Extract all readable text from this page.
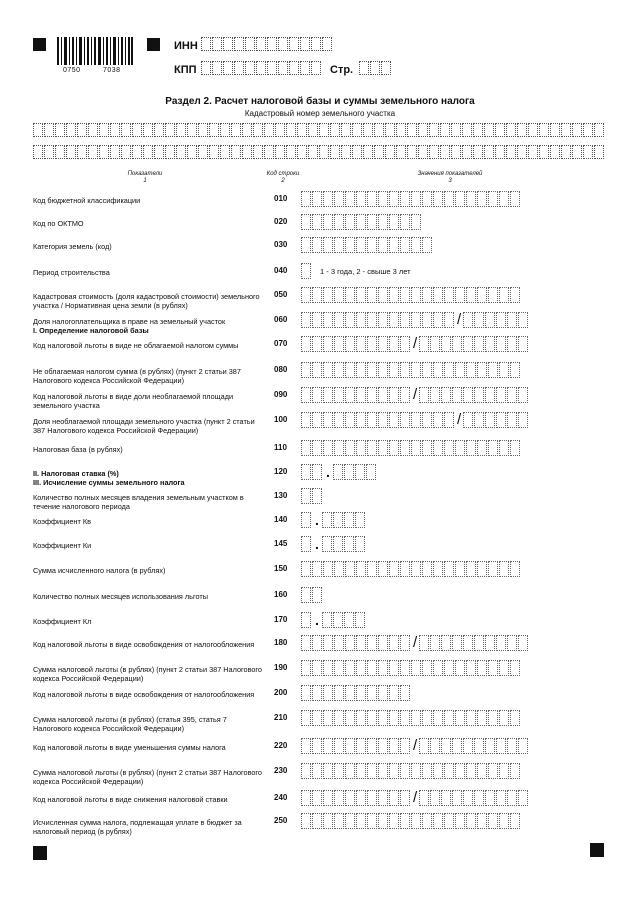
0750	7038
ИНН
КПП	Стр.
Раздел 2. Расчет налоговой базы и суммы земельного налога
Кадастровый номер земельного участка
Показатели
1
Код строки
2
Значения показателей
3
Код бюджетной классификации	010
Код по ОКТМО	020
Категория земель (код)	030
Период строительства	040	1 - 3 года, 2 - свыше 3 лет
Кадастровая стоимость (доля кадастровой стоимости) земельного участка / Нормативная цена земли (в рублях)
050
Доля налогоплательщика в праве на земельный участок	060	/
I. Определение налоговой базы
Код налоговой льготы в виде не облагаемой налогом суммы	070	/
Не облагаемая налогом сумма (в рублях) (пункт 2 статьи 387 Налогового кодекса Российской Федерации)
080
Код налоговой льготы в виде доли необлагаемой площади земельного участка
090	/
Доля необлагаемой площади земельного участка (пункт 2 статьи 387 Налогового кодекса Российской Федерации)
100	/
Налоговая база (в рублях)	110
II. Налоговая ставка (%)	120	.
III. Исчисление суммы земельного налога
Количество полных месяцев владения земельным участком в течение налогового периода
130
Коэффициент Кв	140 .
Коэффициент Ки	145 .
Сумма исчисленного налога (в рублях)	150
Количество полных месяцев использования льготы	160
Коэффициент Кл	170 .
Код налоговой льготы в виде освобождения от налогообложения	180	/
Сумма налоговой льготы (в рублях) (пункт 2 статьи 387 Налогового кодекса Российской Федерации)
190
Код налоговой льготы в виде освобождения от налогообложения	200
Сумма налоговой льготы (в рублях) (статья 395, статья 7 Налогового кодекса Российской Федерации)
210
Код налоговой льготы в виде уменьшения суммы налога	220	/
Сумма налоговой льготы (в рублях) (пункт 2 статьи 387 Налогового кодекса Российской Федерации)
230
Код налоговой льготы в виде снижения налоговой ставки	240	/
Исчисленная сумма налога, подлежащая уплате в бюджет за налоговый период (в рублях)
250
